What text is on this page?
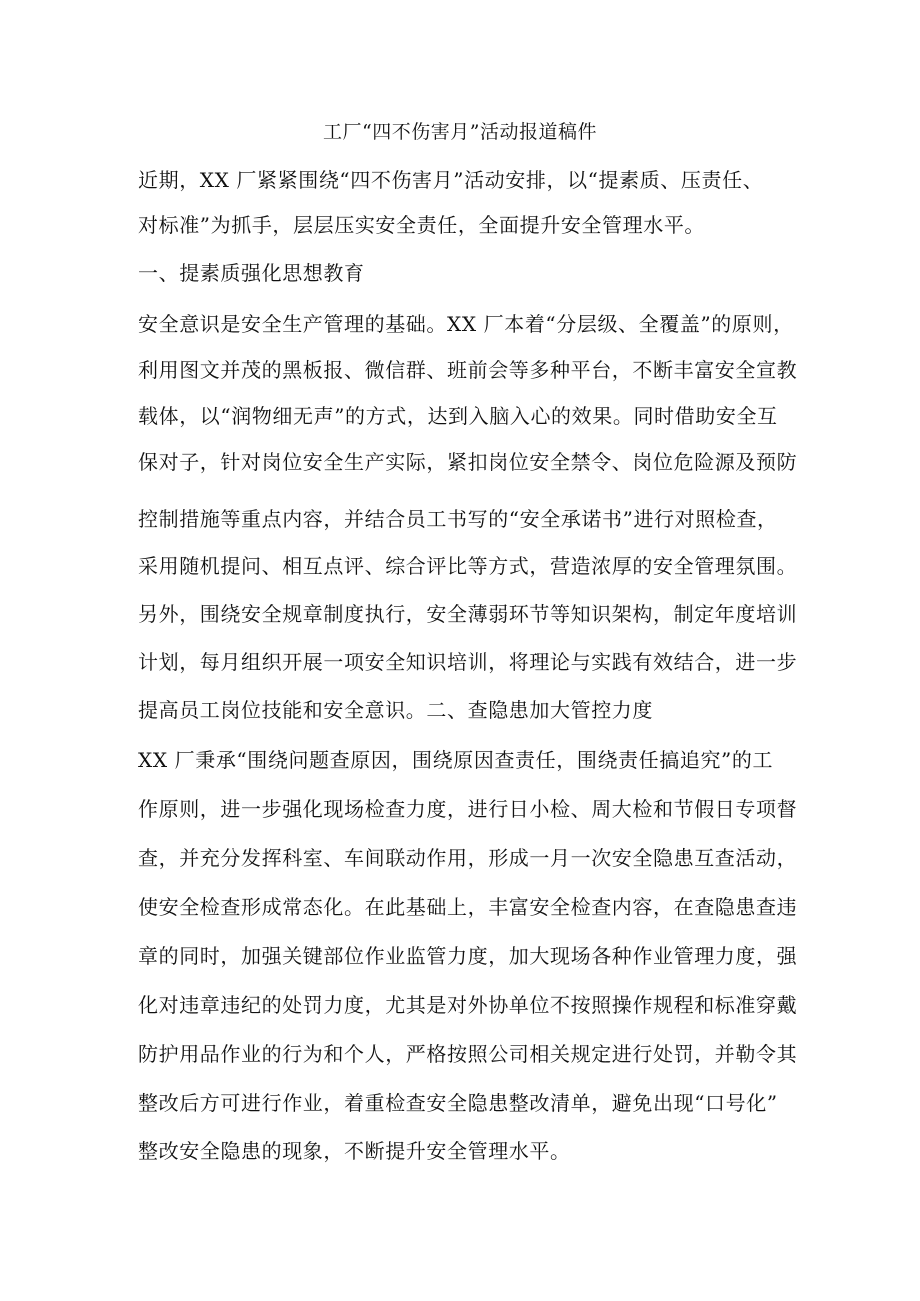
工厂“四不伤害月”活动报道稿件
近期，XX 厂紧紧围绕“四不伤害月”活动安排，以“提素质、压责任、
对标准”为抓手，层层压实安全责任，全面提升安全管理水平。
一、提素质强化思想教育
安全意识是安全生产管理的基础。XX 厂本着“分层级、全覆盖”的原则，
利用图文并茂的黑板报、微信群、班前会等多种平台，不断丰富安全宣教
载体，以“润物细无声”的方式，达到入脑入心的效果。同时借助安全互
保对子，针对岗位安全生产实际，紧扣岗位安全禁令、岗位危险源及预防
控制措施等重点内容，并结合员工书写的“安全承诺书”进行对照检查，
采用随机提问、相互点评、综合评比等方式，营造浓厚的安全管理氛围。
另外，围绕安全规章制度执行，安全薄弱环节等知识架构，制定年度培训
计划，每月组织开展一项安全知识培训，将理论与实践有效结合，进一步
提高员工岗位技能和安全意识。二、查隐患加大管控力度
XX 厂秉承“围绕问题查原因，围绕原因查责任，围绕责任搞追究”的工
作原则，进一步强化现场检查力度，进行日小检、周大检和节假日专项督
查，并充分发挥科室、车间联动作用，形成一月一次安全隐患互查活动，
使安全检查形成常态化。在此基础上，丰富安全检查内容，在查隐患查违
章的同时，加强关键部位作业监管力度，加大现场各种作业管理力度，强
化对违章违纪的处罚力度，尤其是对外协单位不按照操作规程和标准穿戴
防护用品作业的行为和个人，严格按照公司相关规定进行处罚，并勒令其
整改后方可进行作业，着重检查安全隐患整改清单，避免出现“口号化”
整改安全隐患的现象，不断提升安全管理水平。
